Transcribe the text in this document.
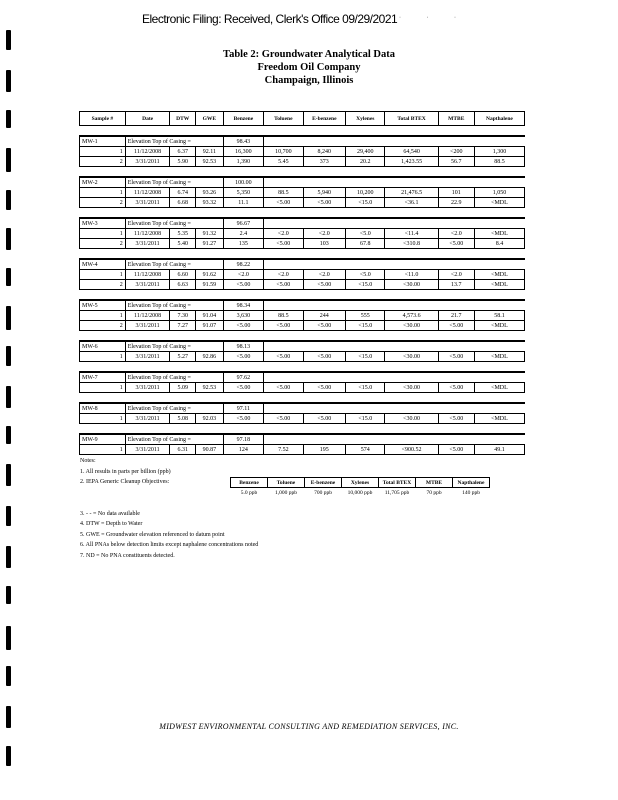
Electronic Filing: Received, Clerk's Office 09/29/2021 · · ·
Table 2: Groundwater Analytical Data
Freedom Oil Company
Champaign, Illinois
Sample #	Date	DTW	GWE	Benzene	Toluene	E-benzene	Xylenes	Total BTEX	MTBE	Napthalene

MW-1	Elevation Top of Casing =			98.43						
1	11/12/2008	6.37	92.11	16,300	10,700	8,240	29,400	64,540	<200	1,300
2	3/31/2011	5.90	92.53	1,390	5.45	373	20.2	1,423.55	56.7	88.5

MW-2	Elevation Top of Casing =			100.00						
1	11/12/2008	6.74	93.26	5,350	88.5	5,940	10,200	21,476.5	101	1,050
2	3/31/2011	6.68	93.32	11.1	<5.00	<5.00	<15.0	<36.1	22.9	<MDL

MW-3	Elevation Top of Casing =			96.67						
1	11/12/2008	5.35	91.32	2.4	<2.0	<2.0	<5.0	<11.4	<2.0	<MDL
2	3/31/2011	5.40	91.27	135	<5.00	103	67.8	<310.8	<5.00	8.4

MW-4	Elevation Top of Casing =			98.22						
1	11/12/2008	6.60	91.62	<2.0	<2.0	<2.0	<5.0	<11.0	<2.0	<MDL
2	3/31/2011	6.63	91.59	<5.00	<5.00	<5.00	<15.0	<30.00	13.7	<MDL

MW-5	Elevation Top of Casing =			98.34						
1	11/12/2008	7.30	91.04	3,630	88.5	244	555	4,573.6	21.7	58.1
2	3/31/2011	7.27	91.07	<5.00	<5.00	<5.00	<15.0	<30.00	<5.00	<MDL

MW-6	Elevation Top of Casing =			98.13						
1	3/31/2011	5.27	92.86	<5.00	<5.00	<5.00	<15.0	<30.00	<5.00	<MDL

MW-7	Elevation Top of Casing =			97.62						
1	3/31/2011	5.09	92.53	<5.00	<5.00	<5.00	<15.0	<30.00	<5.00	<MDL

MW-8	Elevation Top of Casing =			97.11						
1	3/31/2011	5.08	92.03	<5.00	<5.00	<5.00	<15.0	<30.00	<5.00	<MDL

MW-9	Elevation Top of Casing =			97.18						
1	3/31/2011	6.31	90.87	124	7.52	195	574	<900.52	<5.00	49.1
Notes:
1. All results in parts per billion (ppb)
2. IEPA Generic Cleanup Objectives:
3. - - = No data available
4. DTW = Depth to Water
5. GWE = Groundwater elevation referenced to datum point
6. All PNAs below detection limits except naphalene concentrations noted
7. ND = No PNA constituents detected.
Benzene	Toluene	E-benzene	Xylenes	Total BTEX	MTBE	Napthalene
5.0 ppb	1,000 ppb	700 ppb	10,000 ppb	11,705 ppb	70 ppb	140 ppb
MIDWEST ENVIRONMENTAL CONSULTING AND REMEDIATION SERVICES, INC.
